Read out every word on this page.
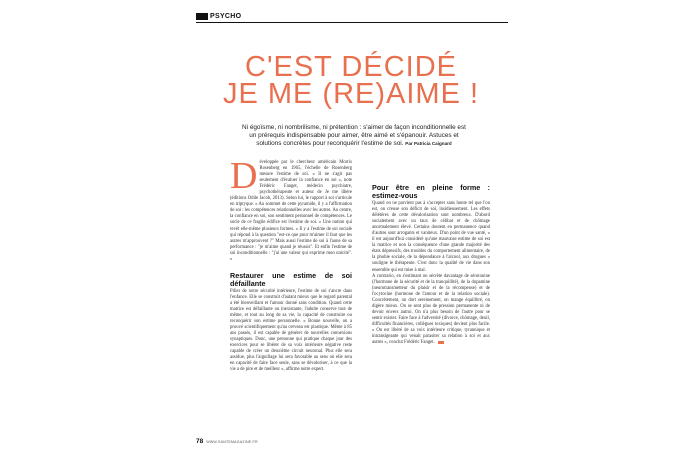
PSYCHO
C'EST DÉCIDÉ
JE ME (RE)AIME !
Ni égoïsme, ni nombrilisme, ni prétention : s'aimer de façon inconditionnelle est un prérequis indispensable pour aimer, être aimé et s'épanouir. Astuces et solutions concrètes pour reconquérir l'estime de soi. Par Patricia Caignard

D éveloppée par le chercheur américain Morris Rosenberg en 1965, l'échelle de Rosenberg mesure l'estime de soi. « Il ne s'agit pas seulement d'évaluer la confiance en soi », note Frédéric Fanget, médecin psychiatre, psychothérapeute et auteur de Je me libère (éditions Odile Jacob, 2013). Selon lui, le rapport à soi s'articule en triptyque. « Au sommet de cette pyramide, il y a l'affirmation de soi : les compétences relationnelles avec les autres. Au centre, la confiance en soi, son sentiment personnel de compétences. Le socle de ce fragile édifice est l'estime de soi. » Une notion qui revêt elle-même plusieurs formes. « Il y a l'estime de soi sociale qui répond à la question "est-ce que pour m'aimer il faut que les autres m'approuvent ?" Mais aussi l'estime de soi à l'aune de sa performance : "je m'aime quand je réussis". Et enfin l'estime de soi inconditionnelle : "j'ai une valeur qui exprime mon unicité". »

Restaurer une estime de soi défaillante

Pilier de notre sécurité intérieure, l'estime de soi s'ancre dans l'enfance. Elle se construit d'autant mieux que le regard parental a été bienveillant et l'amour donné sans condition. Quand cette matrice est défaillante ou inexistante, l'adulte conserve tout de même, et tout au long de sa vie, la capacité de construire ou reconquérir son estime personnelle. « Bonne nouvelle, on a prouvé scientifiquement qu'au cerveau est plastique. Même à 85 ans passés, il est capable de générer de nouvelles connexions synaptiques. Donc, une personne qui pratique chaque jour des exercices pour se libérer de sa voix intérieure négative reste capable de créer un deuxième circuit neuronal. Plus elle sera assidue, plus l'aiguillage lui sera favorable au sens où elle sera en capacité de faire face seule, sans se dévaloriser, à ce que la vie a de pire et de meilleur », affirme notre expert.

Pour être en pleine forme : estimez-vous

Quand on ne parvient pas à s'accepter sans honte tel que l'on est, on creuse son déficit de soi, insidieusement. Les effets délétères de cette dévalorisation sont nombreux. D'abord socialement avec un taux de célibat et de chômage anormalement élevé. Certains doutent en permanence quand d'autres sont arrogants et vaniteux. D'un point de vue santé, « il est aujourd'hui considéré qu'une mauvaise estime de soi est la matrice et non la conséquence d'une grande majorité des états dépressifs, des troubles du comportement alimentaire, de la phobie sociale, de la dépendance à l'alcool, aux drogues » souligne le thérapeute. C'est donc la qualité de vie dans son ensemble qui est mise à mal.

A contrario, en s'estimant on sécrète davantage de sérotonine (l'hormone de la sécurité et de la tranquillité), de la dopamine (neurotransmetteur du plaisir et de la récompense) et de l'ocytocine (hormone de l'amour et de la relation sociale). Concrètement, on dort sereinement, on mange équilibré, on digère mieux. On se sent plus de pression permanente ni de devoir envers autrui. On n'a plus besoin de l'autre pour se sentir exister. Faire face à l'adversité (divorce, chômage, deuil, difficultés financières, collègues toxiques) devient plus facile. « On est libéré de sa voix intérieure critique, tyrannique et intransigeante qui venait parasiter sa relation à soi et aux autres », conclut Frédéric Fanget.

78 WWW.SANTEMAGAZINE.FR
